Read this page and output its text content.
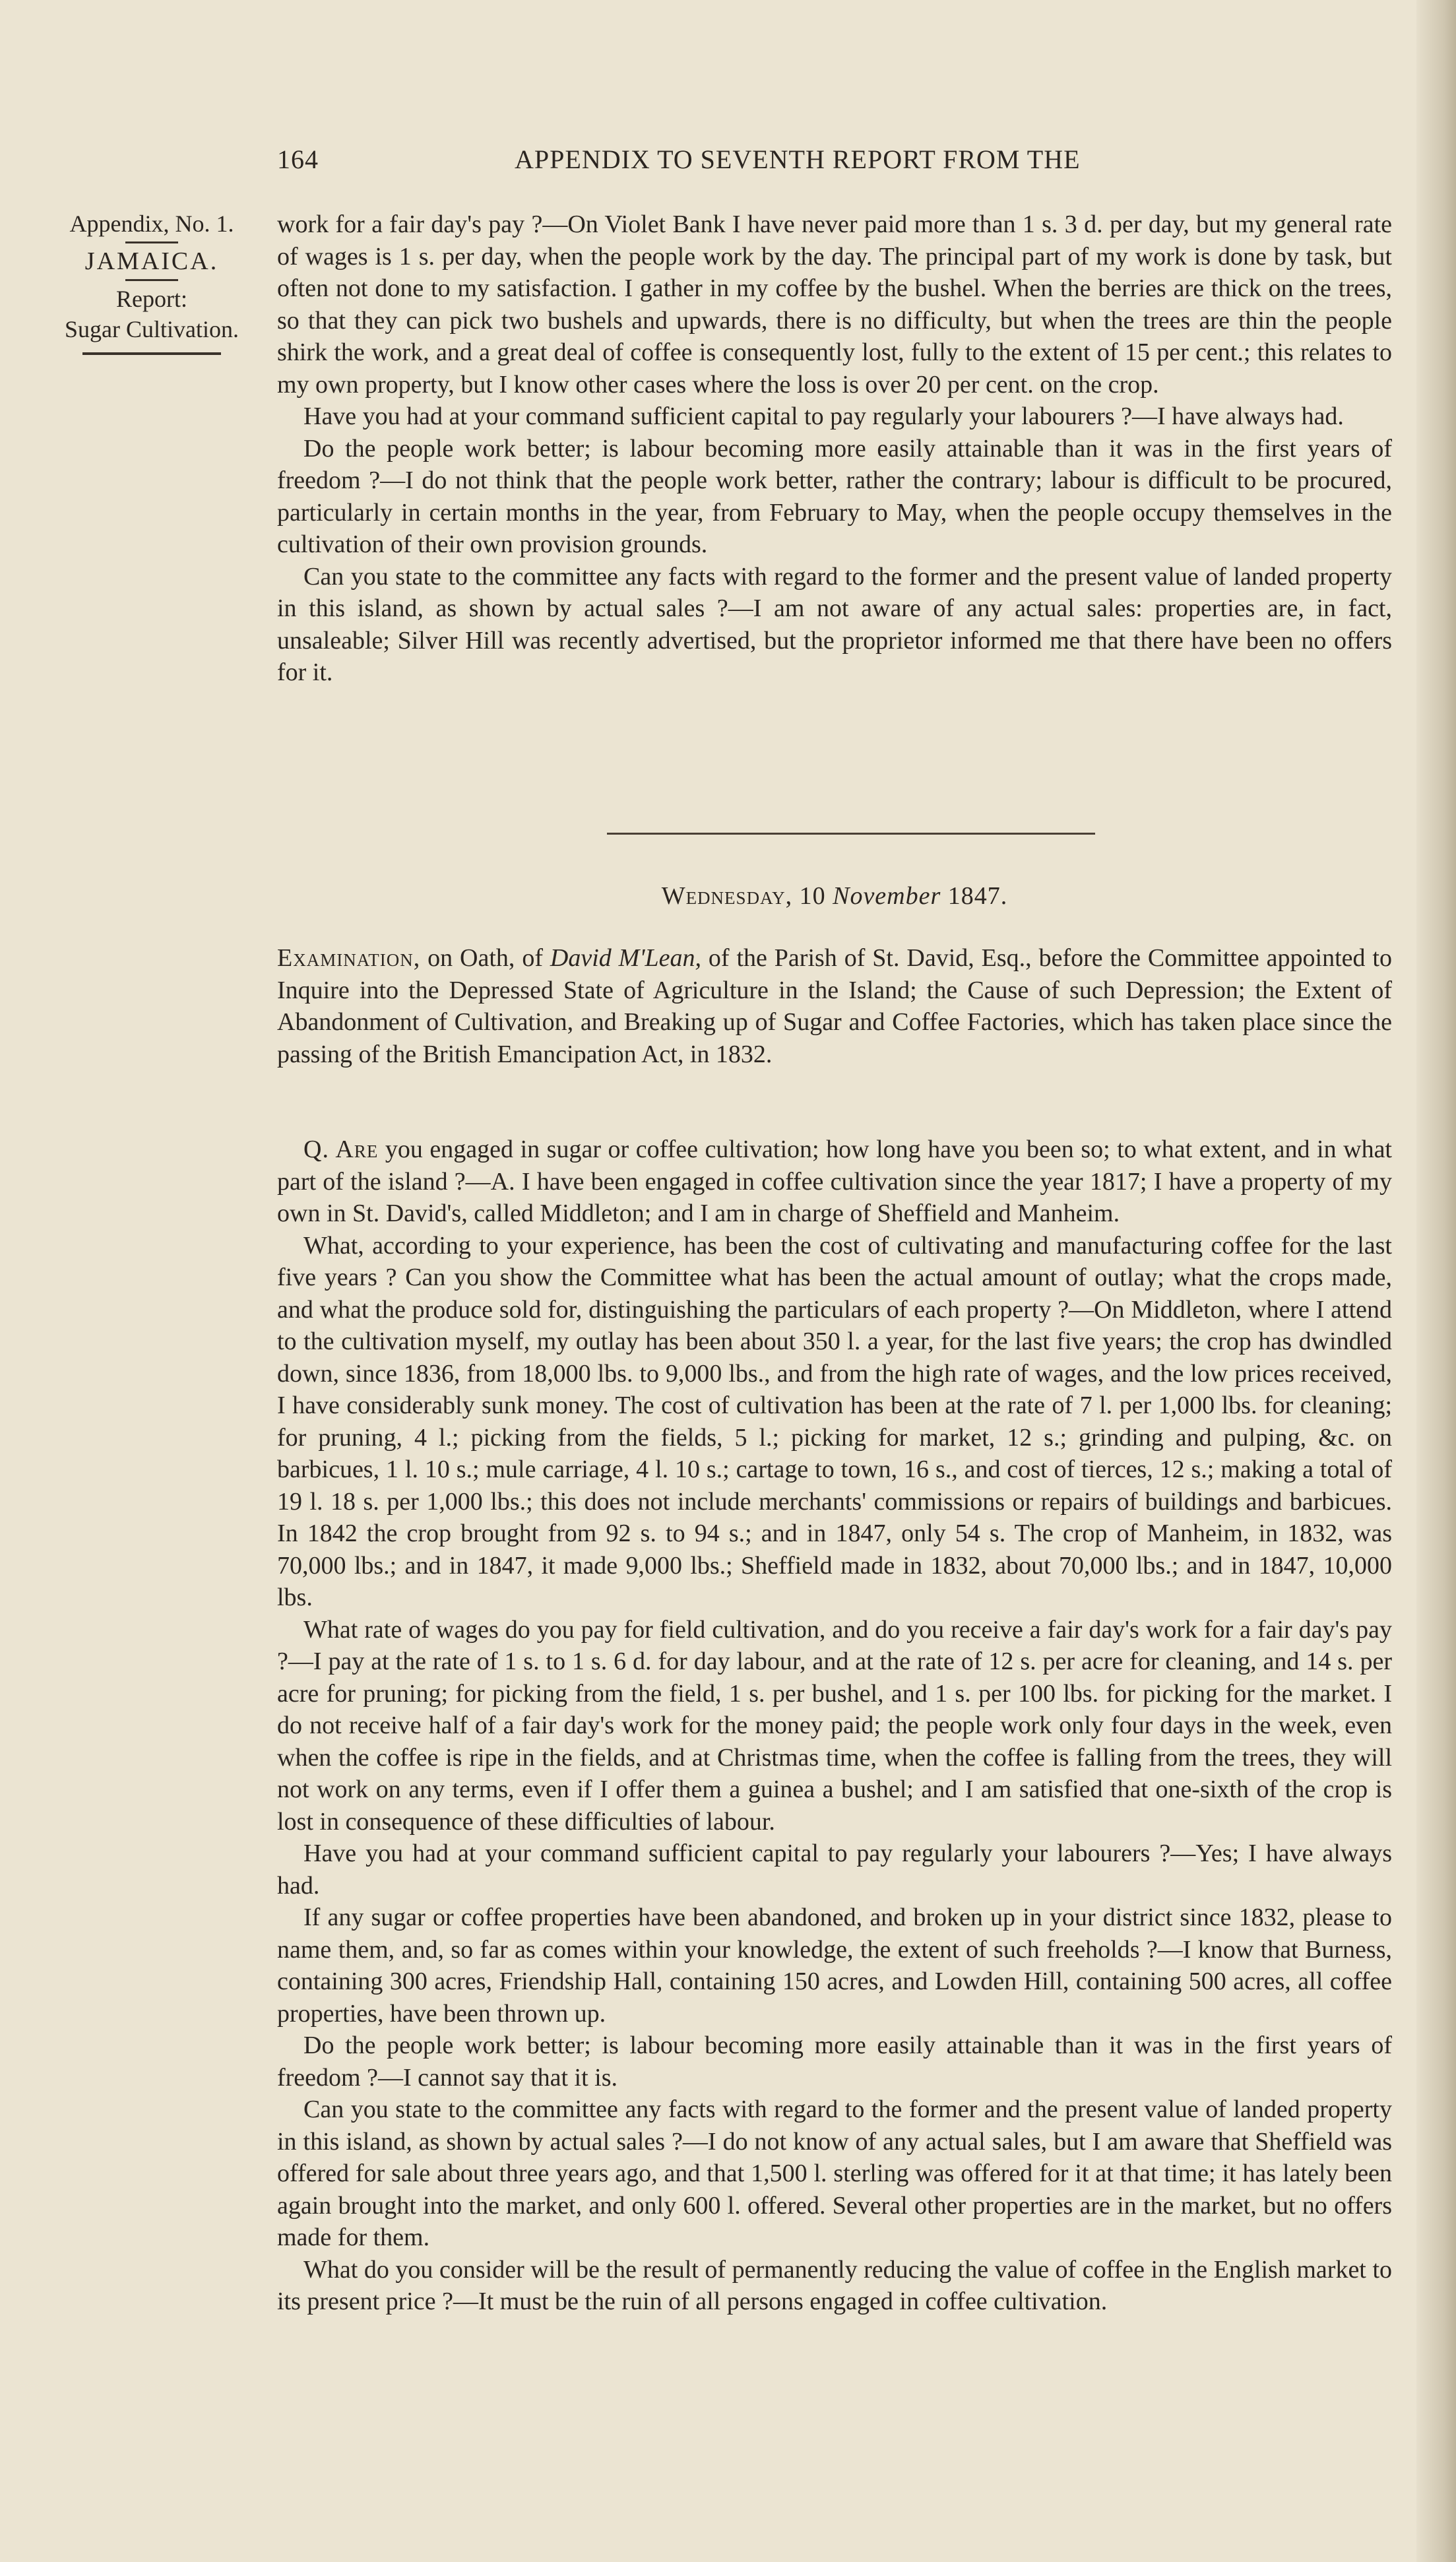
164	APPENDIX TO SEVENTH REPORT FROM THE
Appendix, No. 1.
JAMAICA.
Report:
Sugar Cultivation.

work for a fair day's pay ?—On Violet Bank I have never paid more than 1 s. 3 d. per day, but my general rate of wages is 1 s. per day, when the people work by the day. The principal part of my work is done by task, but often not done to my satisfaction. I gather in my coffee by the bushel. When the berries are thick on the trees, so that they can pick two bushels and upwards, there is no difficulty, but when the trees are thin the people shirk the work, and a great deal of coffee is consequently lost, fully to the extent of 15 per cent.; this relates to my own property, but I know other cases where the loss is over 20 per cent. on the crop.

Have you had at your command sufficient capital to pay regularly your labourers ?—I have always had.

Do the people work better; is labour becoming more easily attainable than it was in the first years of freedom ?—I do not think that the people work better, rather the contrary; labour is difficult to be procured, particularly in certain months in the year, from February to May, when the people occupy themselves in the cultivation of their own provision grounds.

Can you state to the committee any facts with regard to the former and the present value of landed property in this island, as shown by actual sales ?—I am not aware of any actual sales: properties are, in fact, unsaleable; Silver Hill was recently advertised, but the proprietor informed me that there have been no offers for it.

Wednesday, 10 November 1847.

Examination, on Oath, of David M'Lean, of the Parish of St. David, Esq., before the Committee appointed to Inquire into the Depressed State of Agriculture in the Island; the Cause of such Depression; the Extent of Abandonment of Cultivation, and Breaking up of Sugar and Coffee Factories, which has taken place since the passing of the British Emancipation Act, in 1832.

Q. Are you engaged in sugar or coffee cultivation; how long have you been so; to what extent, and in what part of the island ?—A. I have been engaged in coffee cultivation since the year 1817; I have a property of my own in St. David's, called Middleton; and I am in charge of Sheffield and Manheim.

What, according to your experience, has been the cost of cultivating and manufacturing coffee for the last five years ? Can you show the Committee what has been the actual amount of outlay; what the crops made, and what the produce sold for, distinguishing the particulars of each property ?—On Middleton, where I attend to the cultivation myself, my outlay has been about 350 l. a year, for the last five years; the crop has dwindled down, since 1836, from 18,000 lbs. to 9,000 lbs., and from the high rate of wages, and the low prices received, I have considerably sunk money. The cost of cultivation has been at the rate of 7 l. per 1,000 lbs. for cleaning; for pruning, 4 l.; picking from the fields, 5 l.; picking for market, 12 s.; grinding and pulping, &c. on barbicues, 1 l. 10 s.; mule carriage, 4 l. 10 s.; cartage to town, 16 s., and cost of tierces, 12 s.; making a total of 19 l. 18 s. per 1,000 lbs.; this does not include merchants' commissions or repairs of buildings and barbicues. In 1842 the crop brought from 92 s. to 94 s.; and in 1847, only 54 s. The crop of Manheim, in 1832, was 70,000 lbs.; and in 1847, it made 9,000 lbs.; Sheffield made in 1832, about 70,000 lbs.; and in 1847, 10,000 lbs.

What rate of wages do you pay for field cultivation, and do you receive a fair day's work for a fair day's pay ?—I pay at the rate of 1 s. to 1 s. 6 d. for day labour, and at the rate of 12 s. per acre for cleaning, and 14 s. per acre for pruning; for picking from the field, 1 s. per bushel, and 1 s. per 100 lbs. for picking for the market. I do not receive half of a fair day's work for the money paid; the people work only four days in the week, even when the coffee is ripe in the fields, and at Christmas time, when the coffee is falling from the trees, they will not work on any terms, even if I offer them a guinea a bushel; and I am satisfied that one-sixth of the crop is lost in consequence of these difficulties of labour.

Have you had at your command sufficient capital to pay regularly your labourers ?—Yes; I have always had.

If any sugar or coffee properties have been abandoned, and broken up in your district since 1832, please to name them, and, so far as comes within your knowledge, the extent of such freeholds ?—I know that Burness, containing 300 acres, Friendship Hall, containing 150 acres, and Lowden Hill, containing 500 acres, all coffee properties, have been thrown up.

Do the people work better; is labour becoming more easily attainable than it was in the first years of freedom ?—I cannot say that it is.

Can you state to the committee any facts with regard to the former and the present value of landed property in this island, as shown by actual sales ?—I do not know of any actual sales, but I am aware that Sheffield was offered for sale about three years ago, and that 1,500 l. sterling was offered for it at that time; it has lately been again brought into the market, and only 600 l. offered. Several other properties are in the market, but no offers made for them.

What do you consider will be the result of permanently reducing the value of coffee in the English market to its present price ?—It must be the ruin of all persons engaged in coffee cultivation.
